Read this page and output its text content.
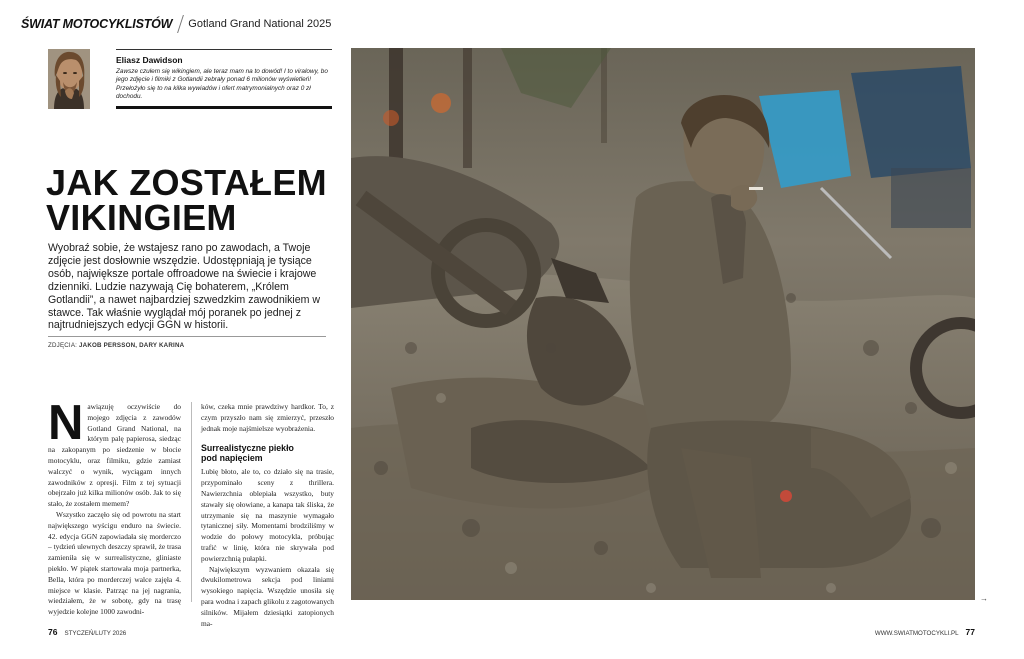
ŚWIAT MOTOCYKLISTÓW Gotland Grand National 2025
Eliasz Dawidson
Zawsze czułem się wikingiem, ale teraz mam na to dowód! I to viralowy, bo jego zdjęcie i filmiki z Gotlandii zebrały ponad 6 milionów wyświetleń! Przełożyło się to na kilka wywiadów i ofert matrymonialnych oraz 0 zł dochodu.
JAK ZOSTAŁEM
VIKINGIEM

Wyobraź sobie, że wstajesz rano po zawodach, a Twoje zdjęcie jest dosłownie wszędzie. Udostępniają je tysiące osób, największe portale offroadowe na świecie i krajowe dzienniki. Ludzie nazywają Cię bohaterem, „Królem Gotlandii”, a nawet najbardziej szwedzkim zawodnikiem w stawce. Tak właśnie wyglądał mój poranek po jednej z najtrudniejszych edycji GGN w historii.

ZDJĘCIA: JAKOB PERSSON, DARY KARINA

Nawiązuję oczywiście do mojego zdjęcia z zawodów Gotland Grand National, na którym palę papierosa, siedząc na zakopanym po siedzenie w błocie motocyklu, oraz filmiku, gdzie zamiast walczyć o wynik, wyciągam innych zawodników z opresji. Film z tej sytuacji obejrzało już kilka milionów osób. Jak to się stało, że zostałem memem?

Wszystko zaczęło się od powrotu na start największego wyścigu enduro na świecie. 42. edycja GGN zapowiadała się morderczo – tydzień ulewnych deszczy sprawił, że trasa zamieniła się w surrealistyczne, gliniaste piekło. W piątek startowała moja partnerka, Bella, która po morderczej walce zajęła 4. miejsce w klasie. Patrząc na jej nagrania, wiedziałem, że w sobotę, gdy na trasę wyjedzie kolejne 1000 zawodni-

ków, czeka mnie prawdziwy hardkor. To, z czym przyszło nam się zmierzyć, przeszło jednak moje najśmielsze wyobrażenia.

Surrealistyczne piekło
pod napięciem

Lubię błoto, ale to, co działo się na trasie, przypominało sceny z thrillera. Nawierzchnia oblepiała wszystko, buty stawały się ołowiane, a kanapa tak śliska, że utrzymanie się na maszynie wymagało tytanicznej siły. Momentami brodziliśmy w wodzie do połowy motocykla, próbując trafić w linię, która nie skrywała pod powierzchnią pułapki.

Największym wyzwaniem okazała się dwukilometrowa sekcja pod liniami wysokiego napięcia. Wszędzie unosiła się para wodna i zapach glikolu z zagotowanych silników. Mijałem dziesiątki zatopionych ma-

→
76 STYCZEŃ/LUTY 2026	WWW.SWIATMOTOCYKLI.PL 77
